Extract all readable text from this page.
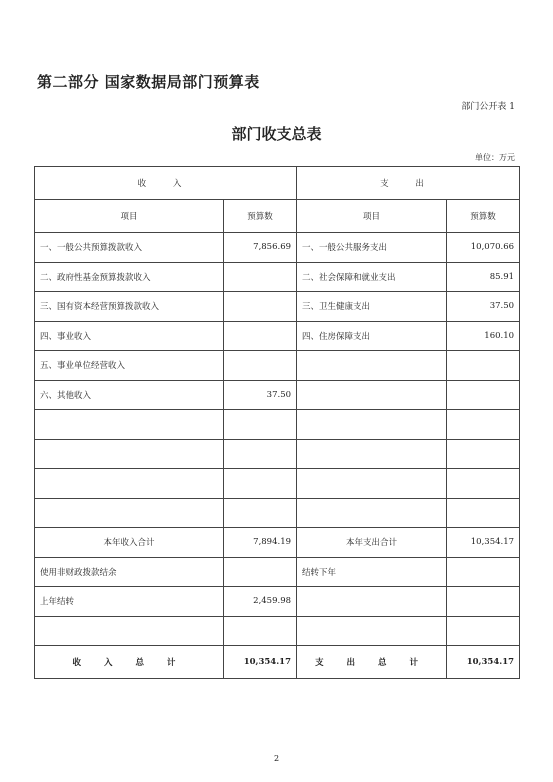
第二部分 国家数据局部门预算表
部门公开表 1
部门收支总表
单位：万元
收 入		支 出	
项目	预算数	项目	预算数
一、一般公共预算拨款收入	7,856.69	一、一般公共服务支出	10,070.66
二、政府性基金预算拨款收入		二、社会保障和就业支出	85.91
三、国有资本经营预算拨款收入		三、卫生健康支出	37.50
四、事业收入		四、住房保障支出	160.10
五、事业单位经营收入			
六、其他收入	37.50		

本年收入合计	7,894.19	本年支出合计	10,354.17
使用非财政拨款结余		结转下年	
上年结转	2,459.98		

收 入 总 计	10,354.17	支 出 总 计	10,354.17
2
